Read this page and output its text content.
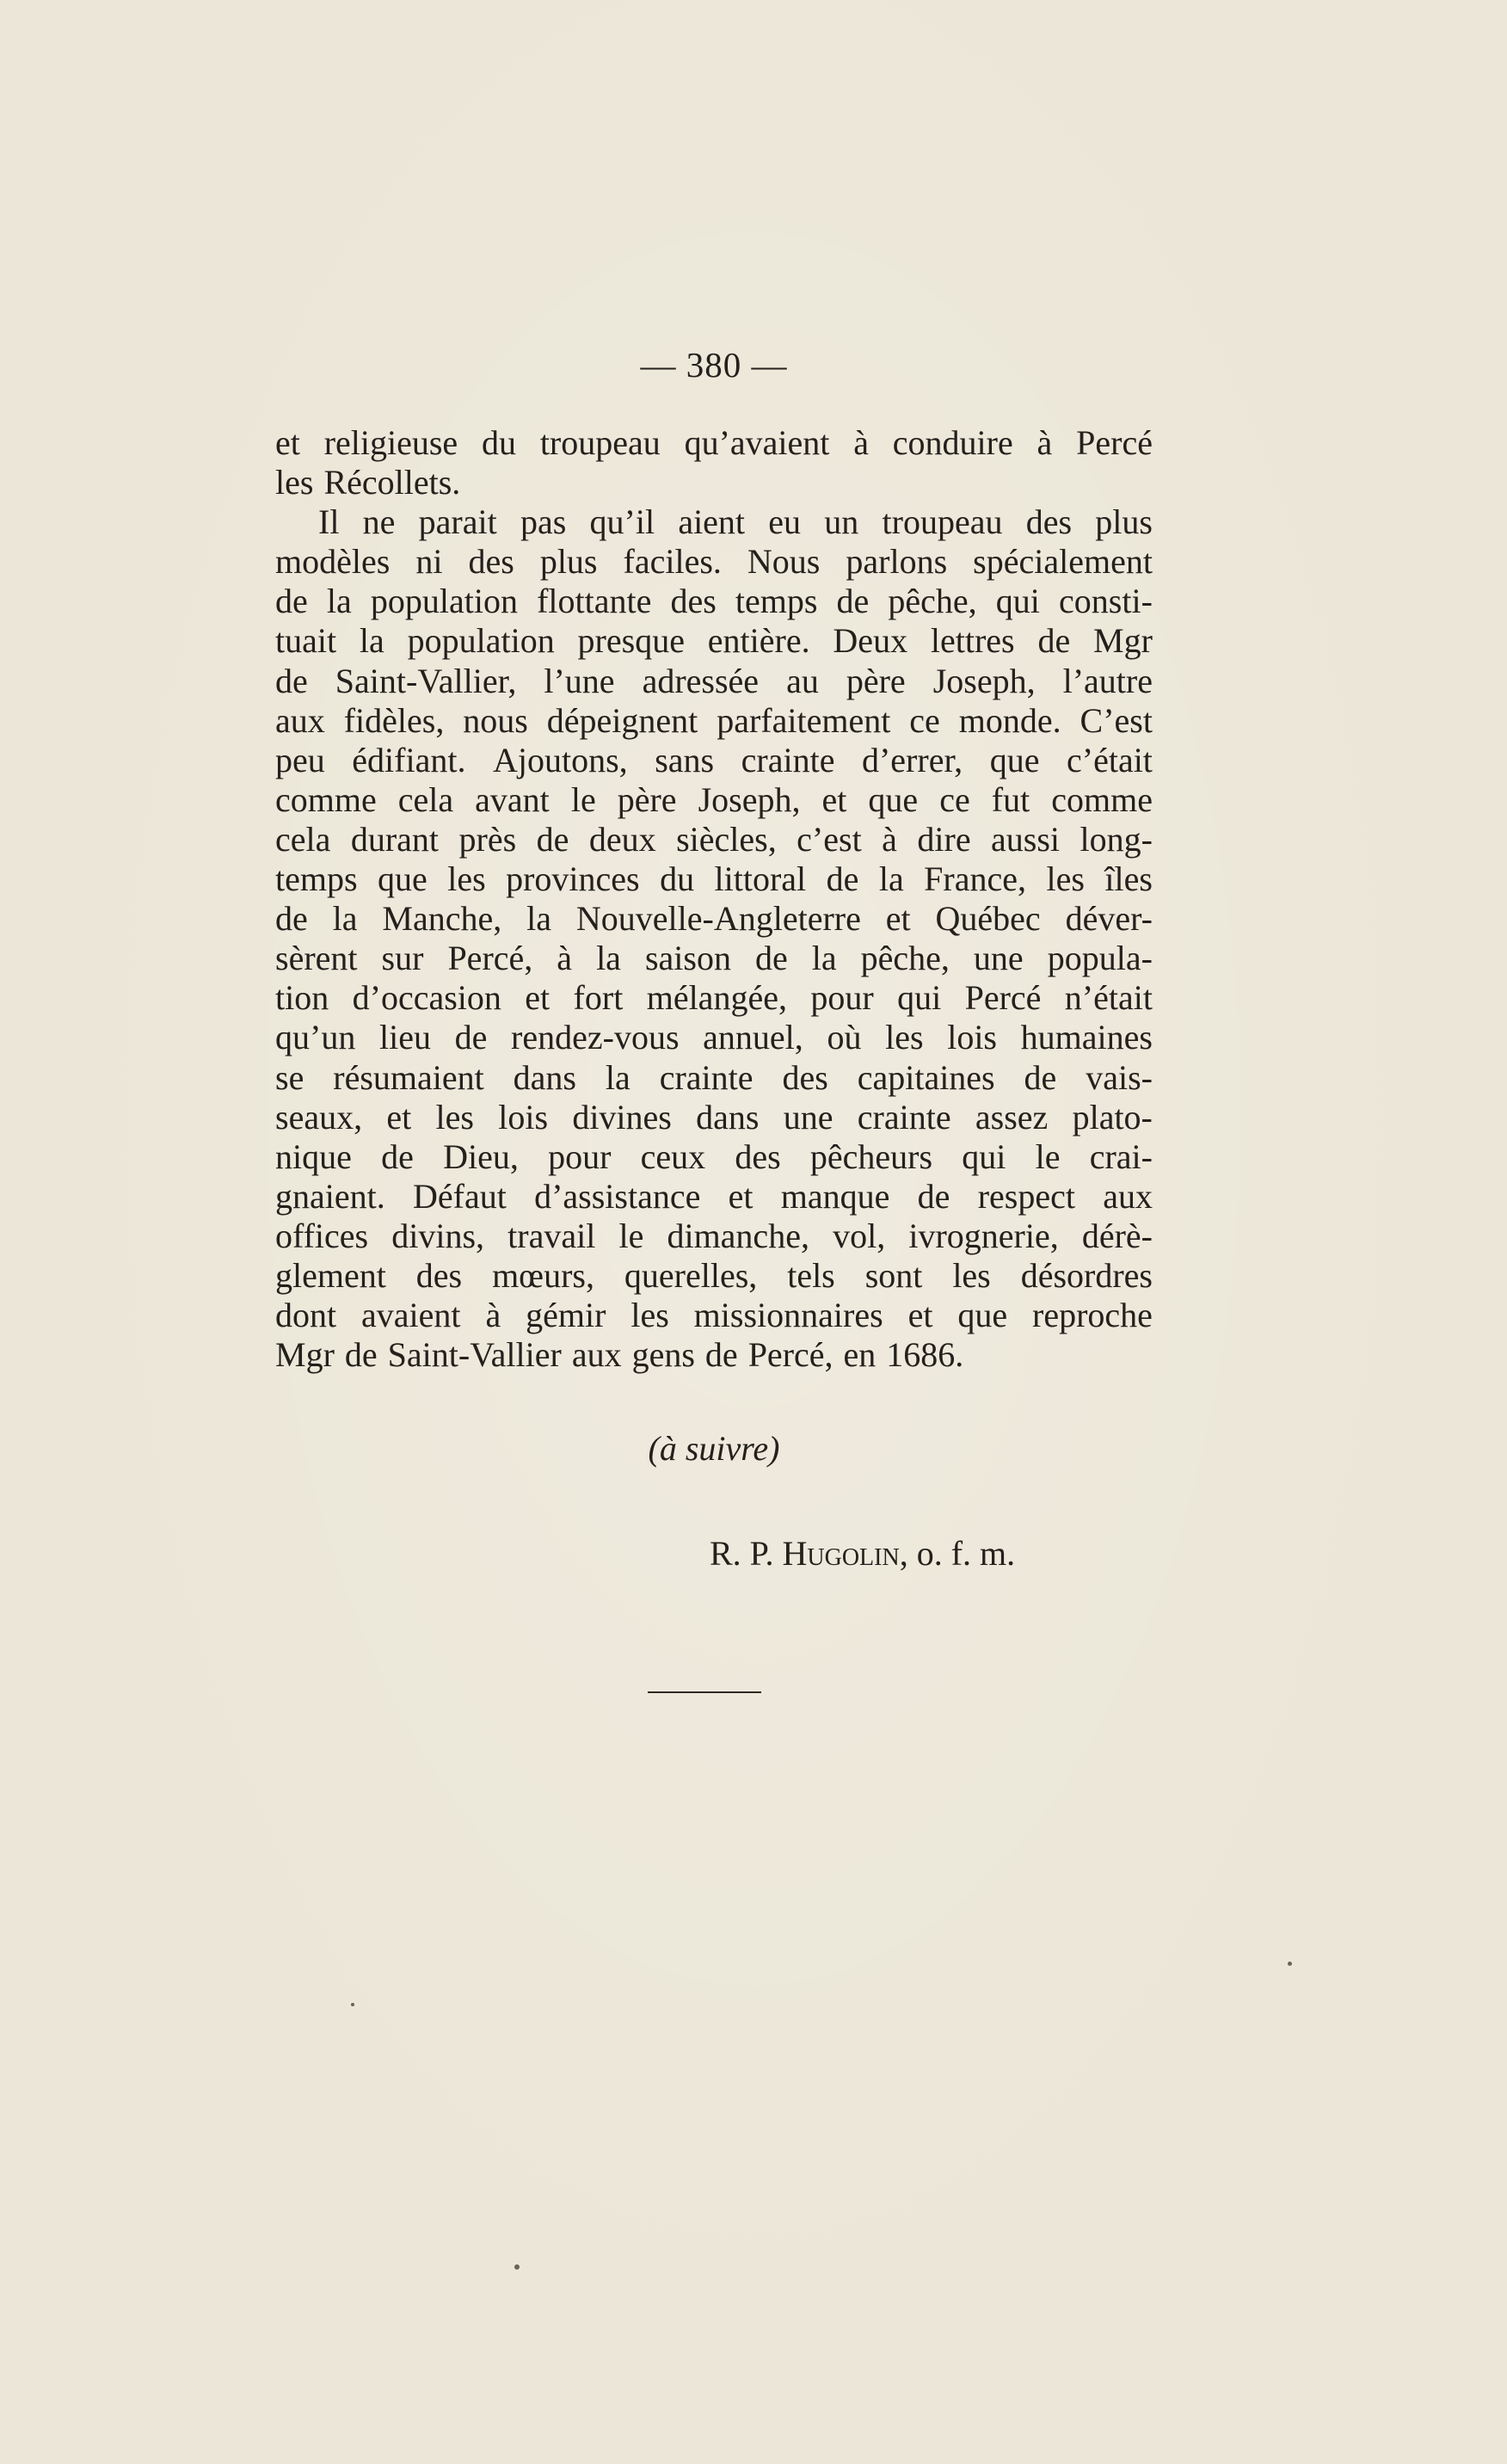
— 380 —
et religieuse du troupeau qu’avaient à conduire à Percé
les Récollets.
Il ne parait pas qu’il aient eu un troupeau des plus
modèles ni des plus faciles. Nous parlons spécialement
de la population flottante des temps de pêche, qui consti-
tuait la population presque entière. Deux lettres de Mgr
de Saint-Vallier, l’une adressée au père Joseph, l’autre
aux fidèles, nous dépeignent parfaitement ce monde. C’est
peu édifiant. Ajoutons, sans crainte d’errer, que c’était
comme cela avant le père Joseph, et que ce fut comme
cela durant près de deux siècles, c’est à dire aussi long-
temps que les provinces du littoral de la France, les îles
de la Manche, la Nouvelle-Angleterre et Québec déver-
sèrent sur Percé, à la saison de la pêche, une popula-
tion d’occasion et fort mélangée, pour qui Percé n’était
qu’un lieu de rendez-vous annuel, où les lois humaines
se résumaient dans la crainte des capitaines de vais-
seaux, et les lois divines dans une crainte assez plato-
nique de Dieu, pour ceux des pêcheurs qui le crai-
gnaient. Défaut d’assistance et manque de respect aux
offices divins, travail le dimanche, vol, ivrognerie, dérè-
glement des mœurs, querelles, tels sont les désordres
dont avaient à gémir les missionnaires et que reproche
Mgr de Saint-Vallier aux gens de Percé, en 1686.
(à suivre)
R. P. Hugolin, o. f. m.
